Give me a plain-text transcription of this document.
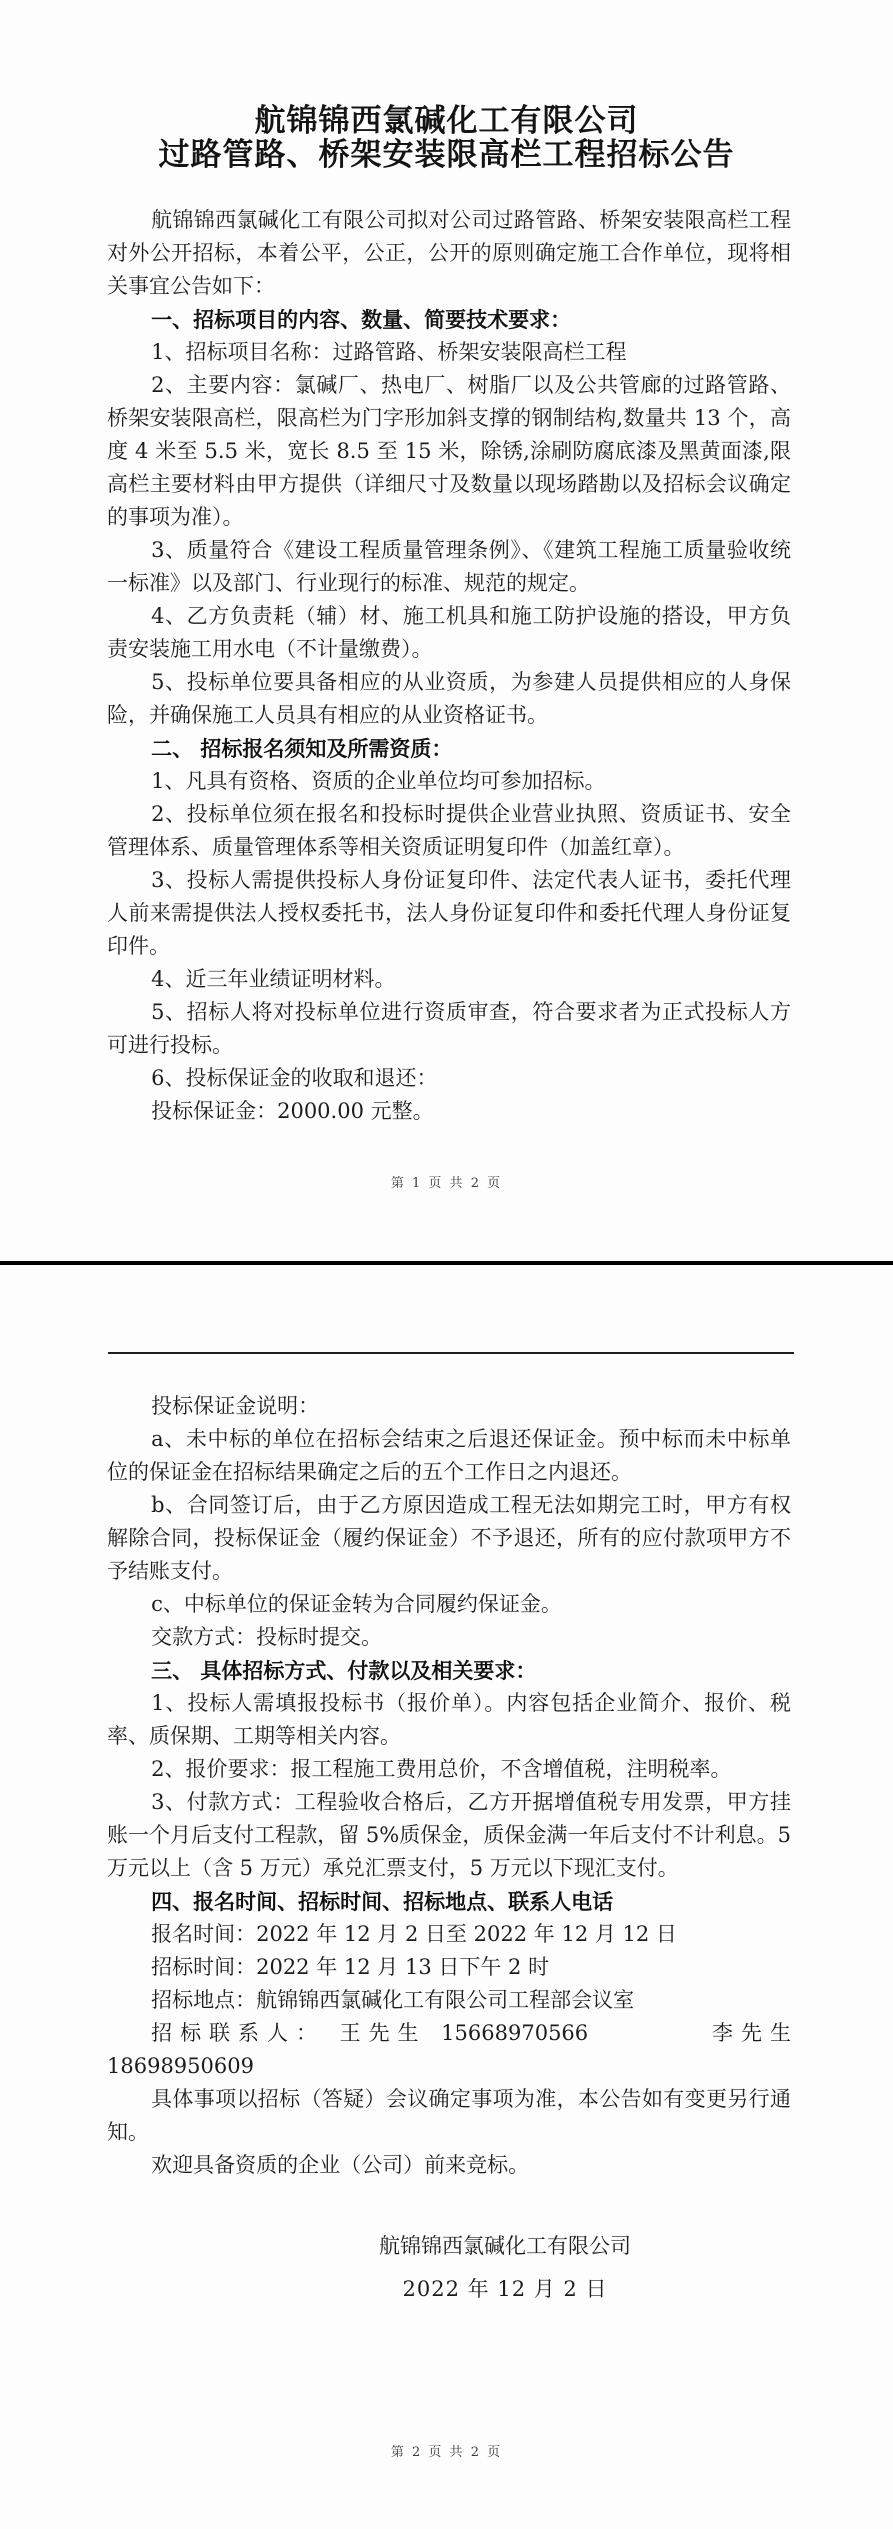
航锦锦西氯碱化工有限公司
过路管路、桥架安装限高栏工程招标公告

航锦锦西氯碱化工有限公司拟对公司过路管路、桥架安装限高栏工程对外公开招标，本着公平，公正，公开的原则确定施工合作单位，现将相关事宜公告如下：

一、招标项目的内容、数量、简要技术要求：

1、招标项目名称：过路管路、桥架安装限高栏工程

2、主要内容：氯碱厂、热电厂、树脂厂以及公共管廊的过路管路、桥架安装限高栏，限高栏为门字形加斜支撑的钢制结构,数量共 13 个，高度 4 米至 5.5 米，宽长 8.5 至 15 米，除锈,涂刷防腐底漆及黑黄面漆,限高栏主要材料由甲方提供（详细尺寸及数量以现场踏勘以及招标会议确定的事项为准）。

3、质量符合《建设工程质量管理条例》、《建筑工程施工质量验收统一标准》以及部门、行业现行的标准、规范的规定。

4、乙方负责耗（辅）材、施工机具和施工防护设施的搭设，甲方负责安装施工用水电（不计量缴费）。

5、投标单位要具备相应的从业资质，为参建人员提供相应的人身保险，并确保施工人员具有相应的从业资格证书。

二、 招标报名须知及所需资质：

1、凡具有资格、资质的企业单位均可参加招标。

2、投标单位须在报名和投标时提供企业营业执照、资质证书、安全管理体系、质量管理体系等相关资质证明复印件（加盖红章）。

3、投标人需提供投标人身份证复印件、法定代表人证书，委托代理人前来需提供法人授权委托书，法人身份证复印件和委托代理人身份证复印件。

4、近三年业绩证明材料。

5、招标人将对投标单位进行资质审查，符合要求者为正式投标人方可进行投标。

6、投标保证金的收取和退还：

投标保证金：2000.00 元整。

第 1 页 共 2 页

投标保证金说明：

a、未中标的单位在招标会结束之后退还保证金。预中标而未中标单位的保证金在招标结果确定之后的五个工作日之内退还。

b、合同签订后，由于乙方原因造成工程无法如期完工时，甲方有权解除合同，投标保证金（履约保证金）不予退还，所有的应付款项甲方不予结账支付。

c、中标单位的保证金转为合同履约保证金。

交款方式：投标时提交。

三、 具体招标方式、付款以及相关要求：

1、投标人需填报投标书（报价单）。内容包括企业简介、报价、税率、质保期、工期等相关内容。

2、报价要求：报工程施工费用总价，不含增值税，注明税率。

3、付款方式：工程验收合格后，乙方开据增值税专用发票，甲方挂账一个月后支付工程款，留 5%质保金，质保金满一年后支付不计利息。5 万元以上（含 5 万元）承兑汇票支付，5 万元以下现汇支付。

四、报名时间、招标时间、招标地点、联系人电话

报名时间：2022 年 12 月 2 日至 2022 年 12 月 12 日

招标时间：2022 年 12 月 13 日下午 2 时

招标地点：航锦锦西氯碱化工有限公司工程部会议室

招标联系人： 王先生 15668970566　　　　李先生 18698950609

具体事项以招标（答疑）会议确定事项为准，本公告如有变更另行通知。

欢迎具备资质的企业（公司）前来竞标。

航锦锦西氯碱化工有限公司
2022 年 12 月 2 日
第 2 页 共 2 页
